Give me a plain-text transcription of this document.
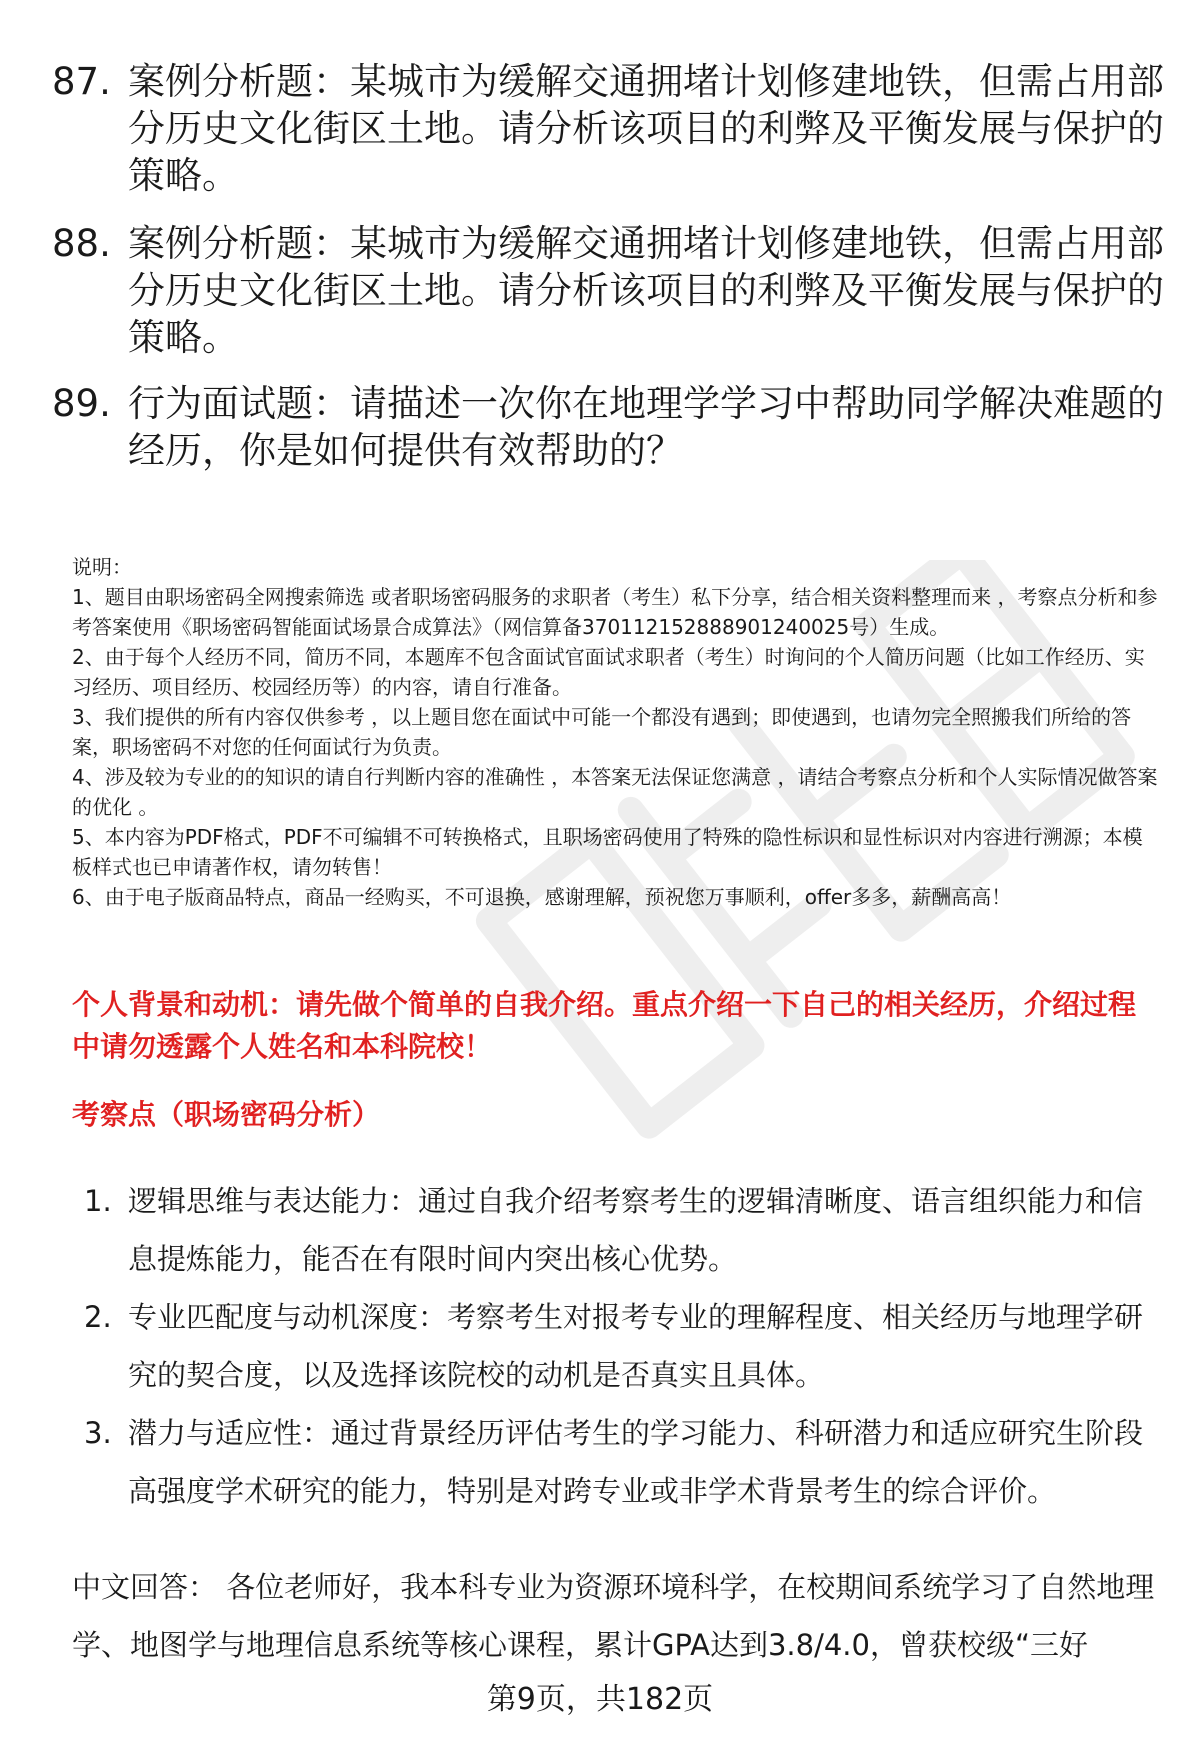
87. 案例分析题：某城市为缓解交通拥堵计划修建地铁，但需占用部分历史文化街区土地。请分析该项目的利弊及平衡发展与保护的策略。
88. 案例分析题：某城市为缓解交通拥堵计划修建地铁，但需占用部分历史文化街区土地。请分析该项目的利弊及平衡发展与保护的策略。
89. 行为面试题：请描述一次你在地理学学习中帮助同学解决难题的经历，你是如何提供有效帮助的？

说明：

1、题目由职场密码全网搜索筛选 或者职场密码服务的求职者（考生）私下分享，结合相关资料整理而来 ，考察点分析和参考答案使用《职场密码智能面试场景合成算法》（网信算备370112152888901240025号）生成。

2、由于每个人经历不同，简历不同，本题库不包含面试官面试求职者（考生）时询问的个人简历问题（比如工作经历、实习经历、项目经历、校园经历等）的内容，请自行准备。

3、我们提供的所有内容仅供参考 ，以上题目您在面试中可能一个都没有遇到；即使遇到，也请勿完全照搬我们所给的答案，职场密码不对您的任何面试行为负责。

4、涉及较为专业的的知识的请自行判断内容的准确性 ，本答案无法保证您满意 ，请结合考察点分析和个人实际情况做答案的优化 。

5、本内容为PDF格式，PDF不可编辑不可转换格式，且职场密码使用了特殊的隐性标识和显性标识对内容进行溯源；本模板样式也已申请著作权，请勿转售！

6、由于电子版商品特点，商品一经购买，不可退换，感谢理解，预祝您万事顺利，offer多多，薪酬高高！

个人背景和动机：请先做个简单的自我介绍。重点介绍一下自己的相关经历，介绍过程中请勿透露个人姓名和本科院校！
考察点（职场密码分析）
1. 逻辑思维与表达能力：通过自我介绍考察考生的逻辑清晰度、语言组织能力和信息提炼能力，能否在有限时间内突出核心优势。
2. 专业匹配度与动机深度：考察考生对报考专业的理解程度、相关经历与地理学研究的契合度，以及选择该院校的动机是否真实且具体。
3. 潜力与适应性：通过背景经历评估考生的学习能力、科研潜力和适应研究生阶段高强度学术研究的能力，特别是对跨专业或非学术背景考生的综合评价。
中文回答： 各位老师好，我本科专业为资源环境科学，在校期间系统学习了自然地理学、地图学与地理信息系统等核心课程，累计GPA达到3.8/4.0，曾获校级“三好
第9页，共182页
